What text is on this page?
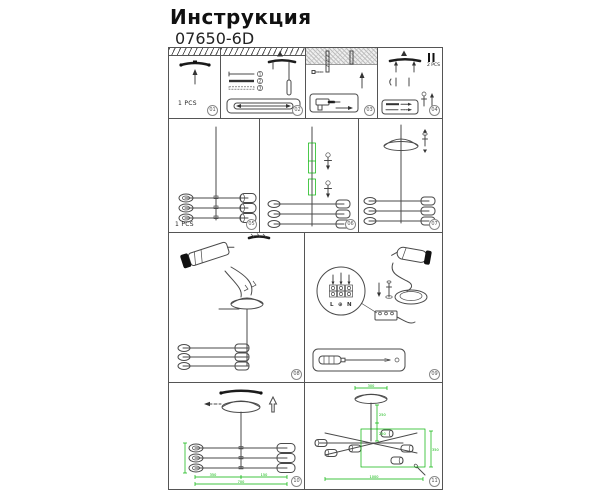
Инструкция
07650-6D
1 PCS
01
1
2
3
02	03
2 PCS
04
1 PCS	05	06	07
08
L ⊕ N
09
350	150
700	10
300
250
250
350
1000
11
